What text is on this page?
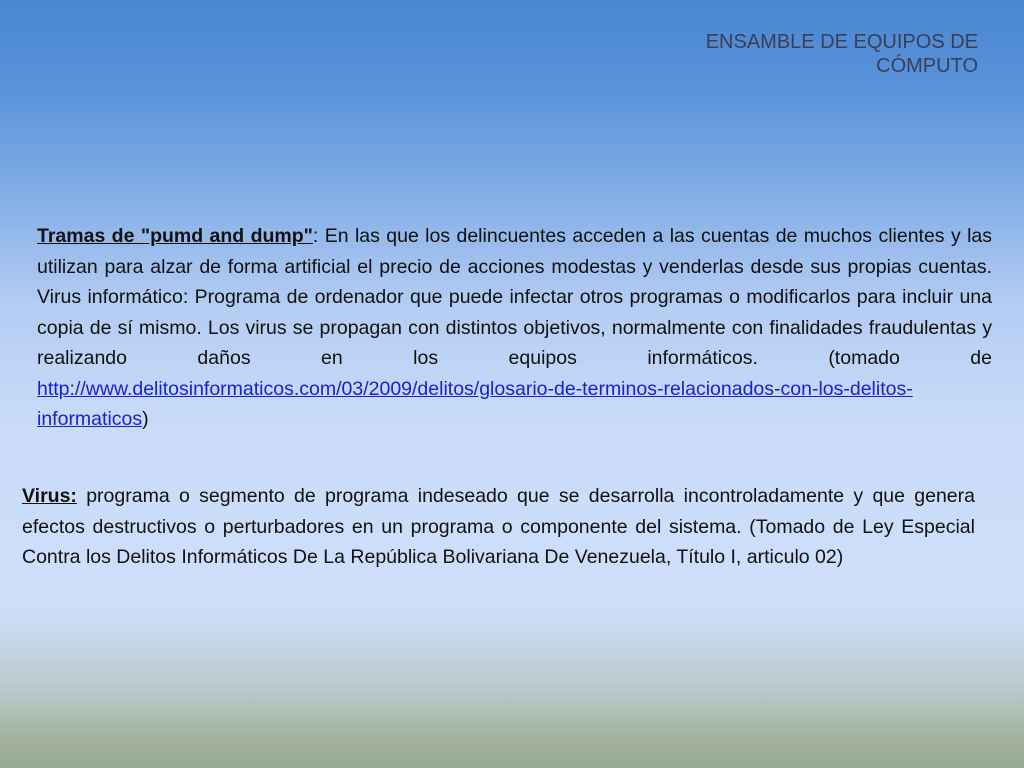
ENSAMBLE DE EQUIPOS DE CÓMPUTO

Tramas de "pumd and dump": En las que los delincuentes acceden a las cuentas de muchos clientes y las utilizan para alzar de forma artificial el precio de acciones modestas y venderlas desde sus propias cuentas. Virus informático: Programa de ordenador que puede infectar otros programas o modificarlos para incluir una copia de sí mismo. Los virus se propagan con distintos objetivos, normalmente con finalidades fraudulentas y realizando daños en los equipos informáticos. (tomado de http://www.delitosinformaticos.com/03/2009/delitos/glosario-de-terminos-relacionados-con-los-delitos-informaticos)

Virus: programa o segmento de programa indeseado que se desarrolla incontroladamente y que genera efectos destructivos o perturbadores en un programa o componente del sistema. (Tomado de Ley Especial Contra los Delitos Informáticos De La República Bolivariana De Venezuela, Título I, articulo 02)
